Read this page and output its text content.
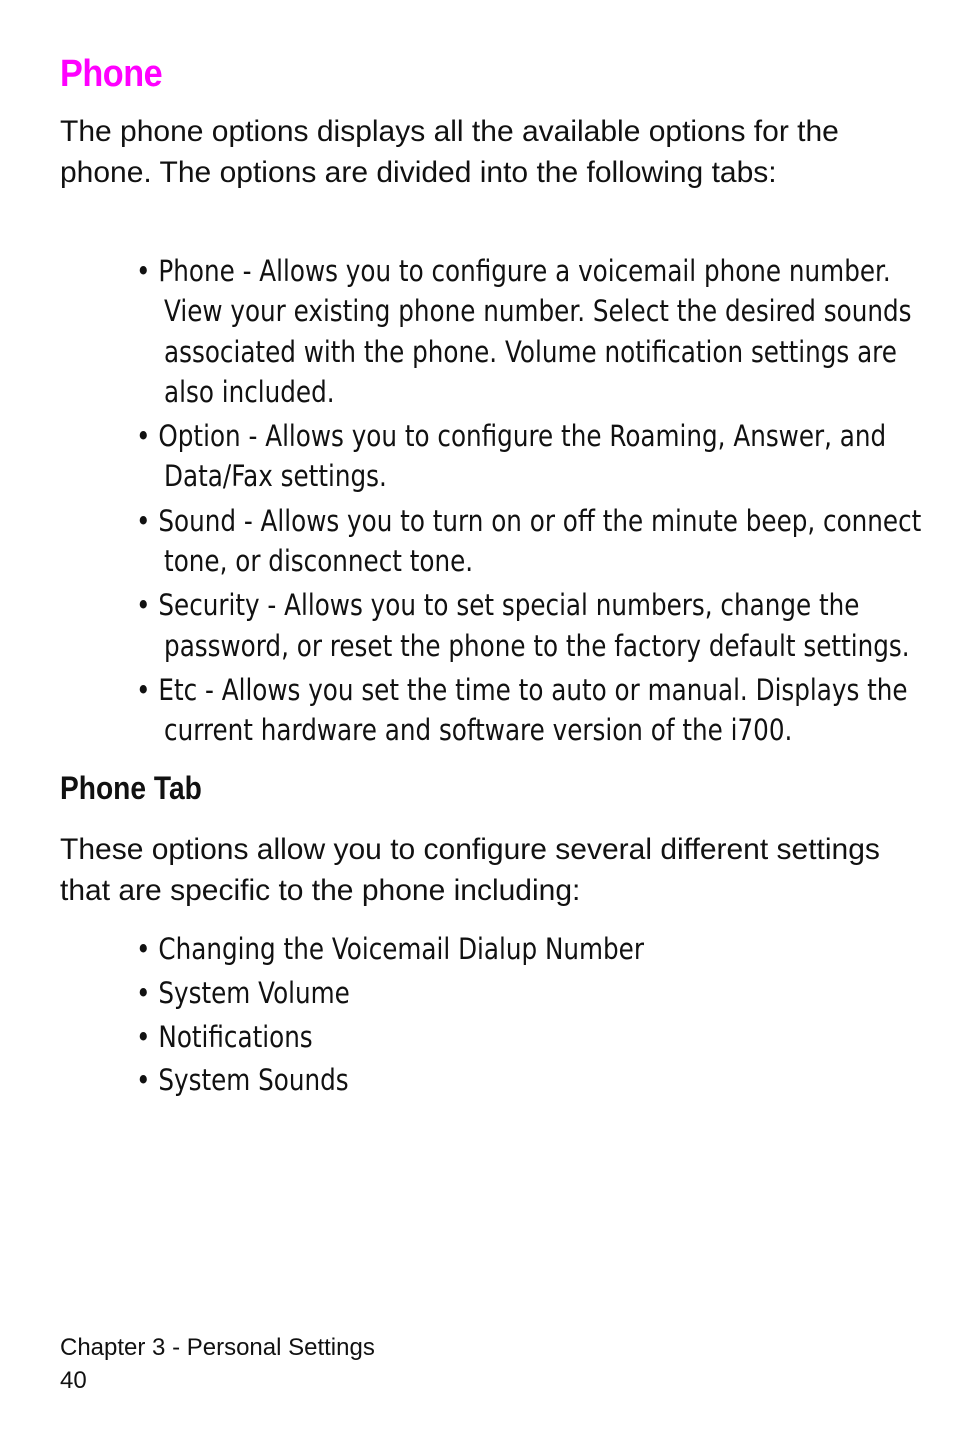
Phone

The phone options displays all the available options for the phone. The options are divided into the following tabs:

• Phone - Allows you to configure a voicemail phone number. View your existing phone number. Select the desired sounds associated with the phone. Volume notification settings are also included.
• Option - Allows you to configure the Roaming, Answer, and Data/Fax settings.
• Sound - Allows you to turn on or off the minute beep, connect tone, or disconnect tone.
• Security - Allows you to set special numbers, change the password, or reset the phone to the factory default settings.
• Etc - Allows you set the time to auto or manual. Displays the current hardware and software version of the i700.
Phone Tab

These options allow you to configure several different settings that are specific to the phone including:

• Changing the Voicemail Dialup Number
• System Volume
• Notifications
• System Sounds
Chapter 3 - Personal Settings
40
